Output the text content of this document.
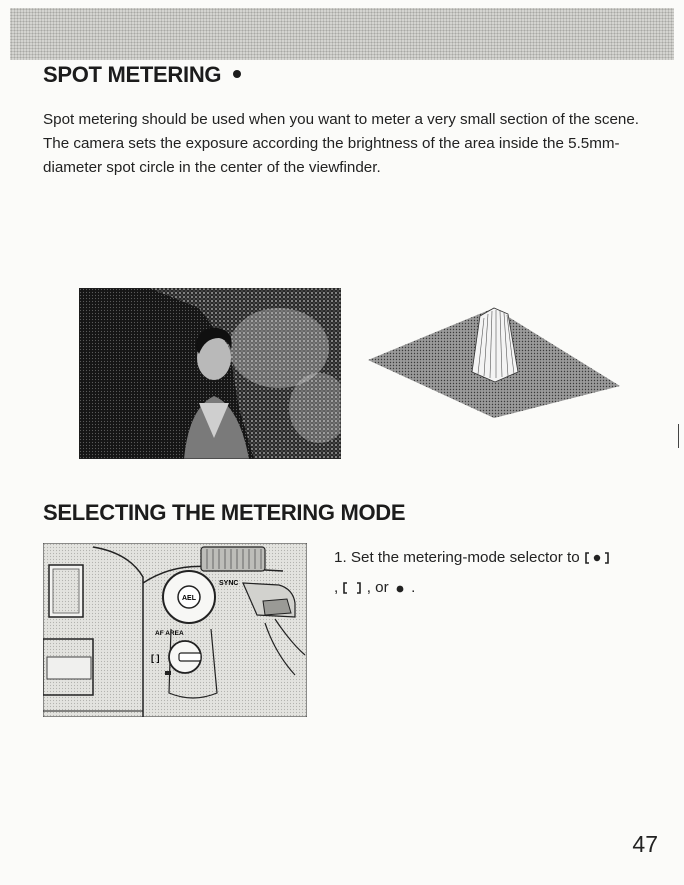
SPOT METERING

Spot metering should be used when you want to meter a very small section of the scene. The camera sets the exposure according the brightness of the area inside the 5.5mm-diameter spot circle in the center of the viewfinder.

SELECTING THE METERING MODE
AEL
SYNC
AF AREA
[ ]
1. Set the metering-mode selector to
, , or .

47
